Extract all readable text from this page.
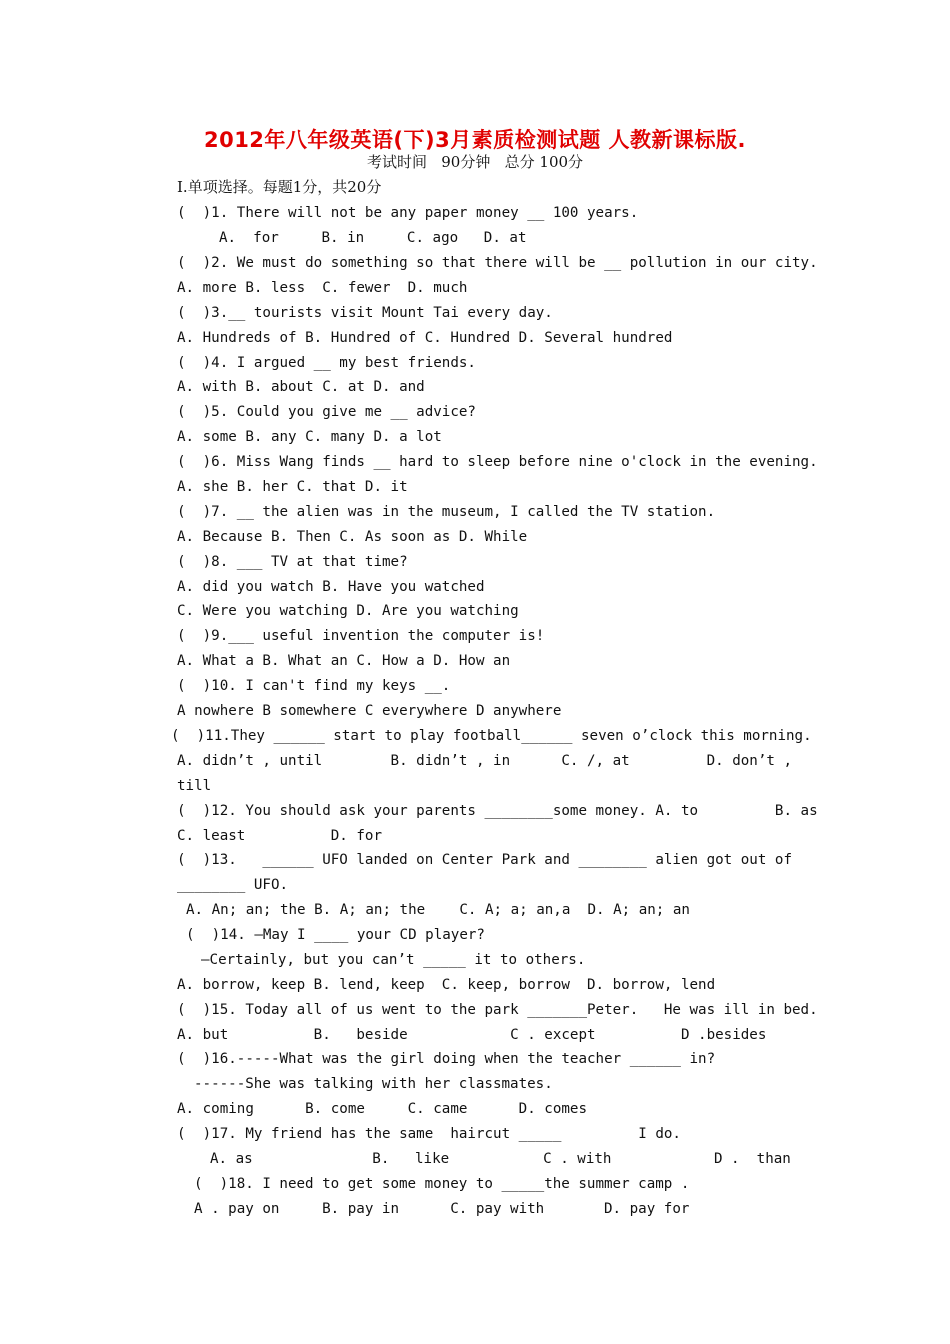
2012年八年级英语(下)3月素质检测试题 人教新课标版.
考试时间   90分钟   总分 100分
I.单项选择。每题1分，共20分
(  )1. There will not be any paper money __ 100 years.
A.  for     B. in     C. ago   D. at
(  )2. We must do something so that there will be __ pollution in our city.
A. more B. less  C. fewer  D. much
(  )3.__ tourists visit Mount Tai every day.
A. Hundreds of B. Hundred of C. Hundred D. Several hundred
(  )4. I argued __ my best friends.
A. with B. about C. at D. and
(  )5. Could you give me __ advice?
A. some B. any C. many D. a lot
(  )6. Miss Wang finds __ hard to sleep before nine o'clock in the evening.
A. she B. her C. that D. it
(  )7. __ the alien was in the museum, I called the TV station.
A. Because B. Then C. As soon as D. While
(  )8. ___ TV at that time?
A. did you watch B. Have you watched
C. Were you watching D. Are you watching
(  )9.___ useful invention the computer is!
A. What a B. What an C. How a D. How an
(  )10. I can't find my keys __.
A nowhere B somewhere C everywhere D anywhere
(  )11.They ______ start to play football______ seven o’clock this morning.
A. didn’t , until        B. didn’t , in      C. /, at         D. don’t ,
till
(  )12. You should ask your parents ________some money. A. to         B. as
C. least          D. for
(  )13.   ______ UFO landed on Center Park and ________ alien got out of
________ UFO.
A. An; an; the B. A; an; the    C. A; a; an,a  D. A; an; an
(  )14. —May I ____ your CD player?
—Certainly, but you can’t _____ it to others.
A. borrow, keep B. lend, keep  C. keep, borrow  D. borrow, lend
(  )15. Today all of us went to the park _______Peter.   He was ill in bed.
A. but          B.   beside            C . except          D .besides
(  )16.-----What was the girl doing when the teacher ______ in?
------She was talking with her classmates.
A. coming      B. come     C. came      D. comes
(  )17. My friend has the same  haircut _____         I do.
A. as              B.   like           C . with            D .  than
(  )18. I need to get some money to _____the summer camp .
A . pay on     B. pay in      C. pay with       D. pay for
